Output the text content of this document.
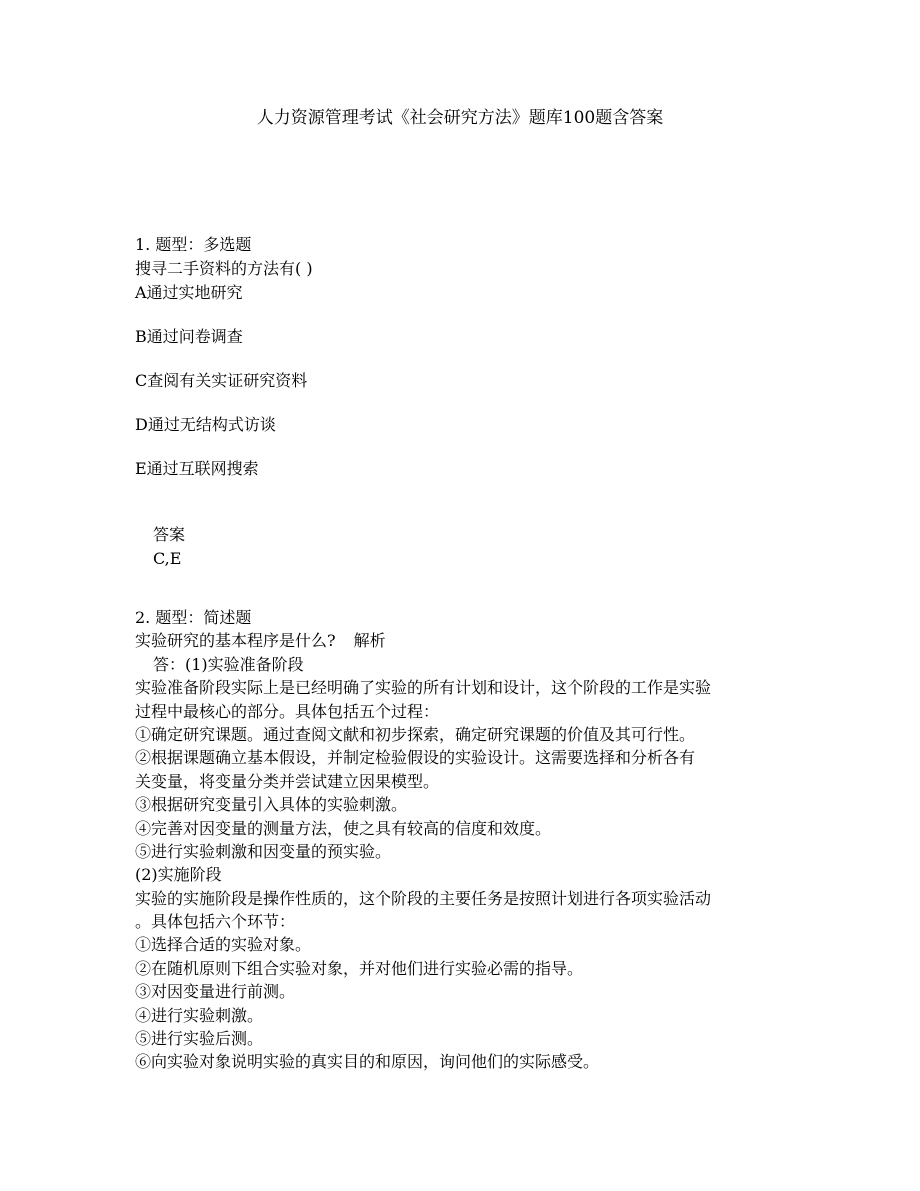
人力资源管理考试《社会研究方法》题库100题含答案
1. 题型：多选题
搜寻二手资料的方法有( )
A通过实地研究
B通过问卷调查
C查阅有关实证研究资料
D通过无结构式访谈
E通过互联网搜索
答案
C,E
2. 题型：简述题
实验研究的基本程序是什么? 解析
答：(1)实验准备阶段
实验准备阶段实际上是已经明确了实验的所有计划和设计，这个阶段的工作是实验
过程中最核心的部分。具体包括五个过程：
①确定研究课题。通过查阅文献和初步探索，确定研究课题的价值及其可行性。
②根据课题确立基本假设，并制定检验假设的实验设计。这需要选择和分析各有
关变量，将变量分类并尝试建立因果模型。
③根据研究变量引入具体的实验刺激。
④完善对因变量的测量方法，使之具有较高的信度和效度。
⑤进行实验刺激和因变量的预实验。
(2)实施阶段
实验的实施阶段是操作性质的，这个阶段的主要任务是按照计划进行各项实验活动
。具体包括六个环节：
①选择合适的实验对象。
②在随机原则下组合实验对象，并对他们进行实验必需的指导。
③对因变量进行前测。
④进行实验刺激。
⑤进行实验后测。
⑥向实验对象说明实验的真实目的和原因，询问他们的实际感受。
